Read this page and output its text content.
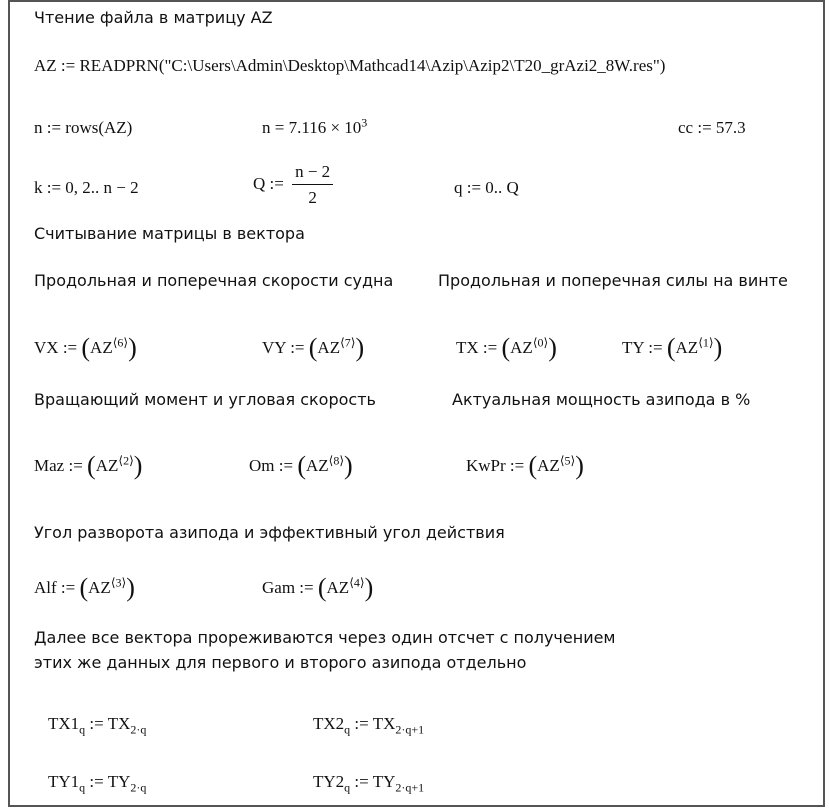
Чтение файла в матрицу AZ
AZ := READPRN("C:\Users\Admin\Desktop\Mathcad14\Azip\Azip2\T20_grAzi2_8W.res")
n := rows(AZ)	$n = 7.116 \times 10^3$	cc := 57.3
k := 0, 2.. n − 2	Q := $\frac{n - 2}{2}$	q := 0.. Q
Считывание матрицы в вектора
Продольная и поперечная скорости судна	Продольная и поперечная силы на винте
VX := $(AZ^{⟨6⟩})$	VY := $(AZ^{⟨7⟩})$	TX := $(AZ^{⟨0⟩})$	TY := $(AZ^{⟨1⟩})$
Вращающий момент и угловая скорость	Актуальная мощность азипода в %
Maz := $(AZ^{⟨2⟩})$	Om := $(AZ^{⟨8⟩})$	KwPr := $(AZ^{⟨5⟩})$
Угол разворота азипода и эффективный угол действия
Alf := $(AZ^{⟨3⟩})$	Gam := $(AZ^{⟨4⟩})$
Далее все вектора прореживаются через один отсчет с получением
этих же данных для первого и второго азипода отдельно
$TX1_q$ := $TX_{2\cdot q}$	$TX2_q$ := $TX_{2\cdot q+1}$
$TY1_q$ := $TY_{2\cdot q}$	$TY2_q$ := $TY_{2\cdot q+1}$
